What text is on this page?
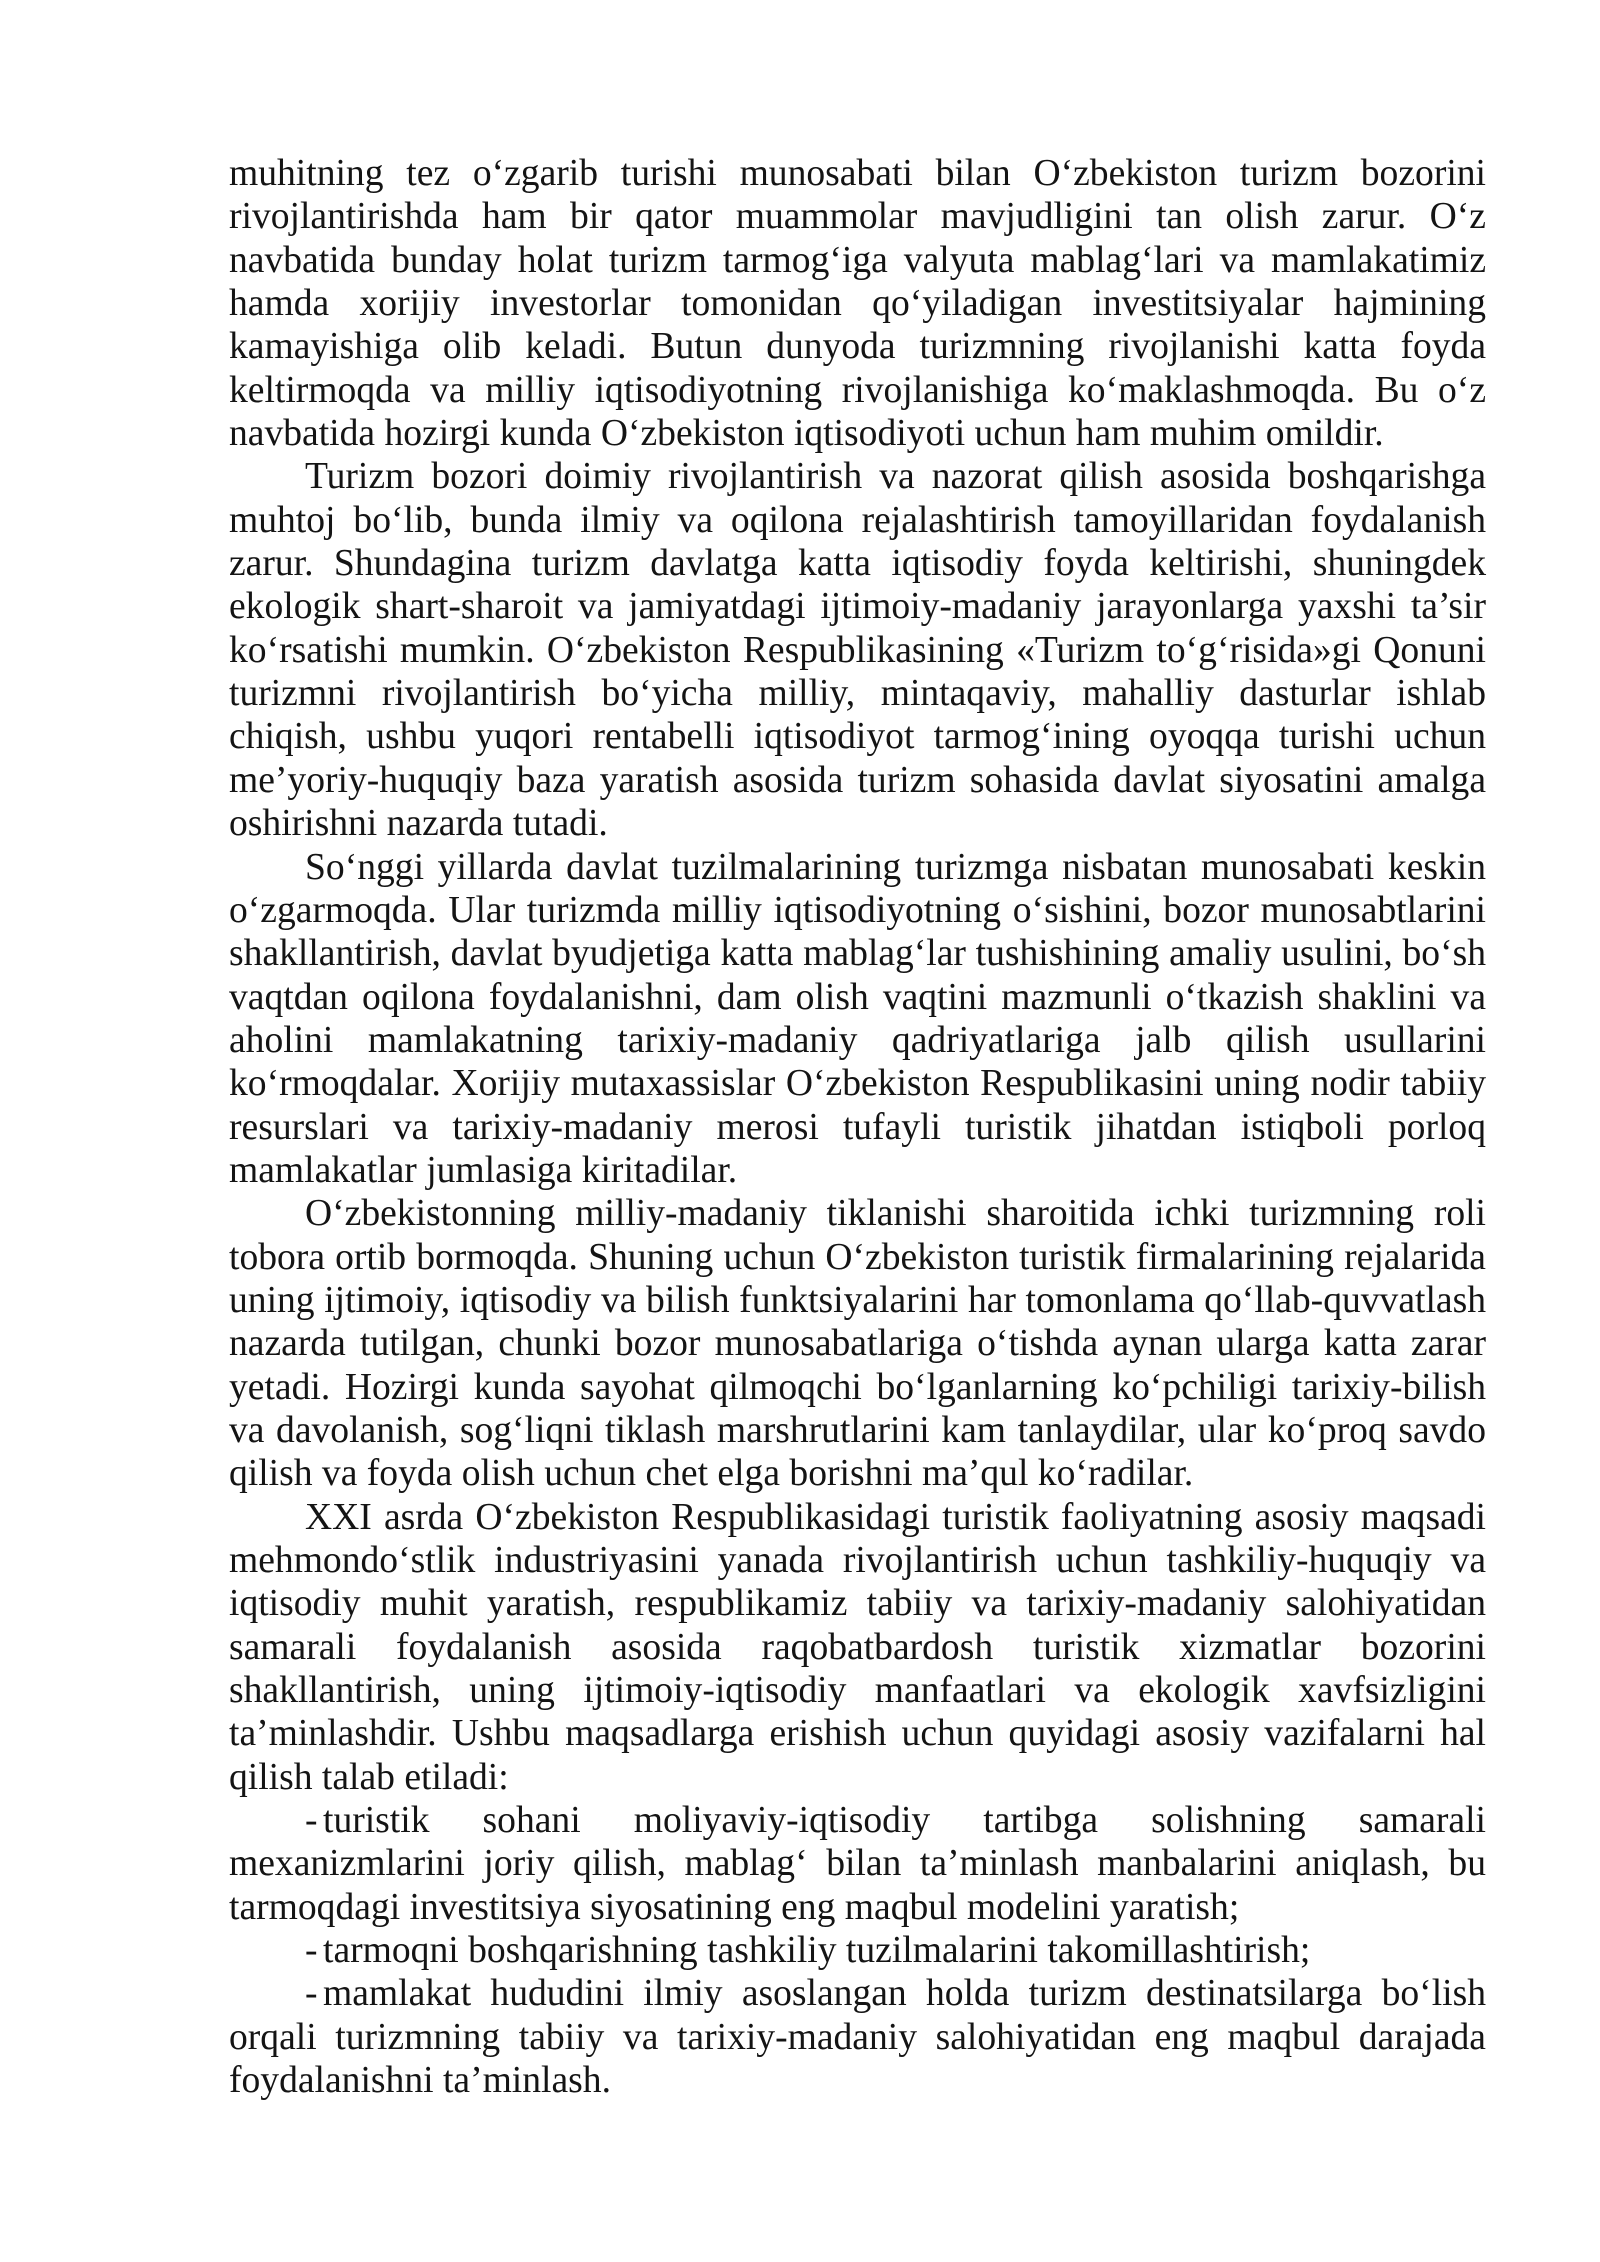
muhitning tez o‘zgarib turishi munosabati bilan O‘zbekiston turizm bozorini rivojlantirishda ham bir qator muammolar mavjudligini tan olish zarur. O‘z navbatida bunday holat turizm tarmog‘iga valyuta mablag‘lari va mamlakatimiz hamda xorijiy investorlar tomonidan qo‘yiladigan investitsiyalar hajmining kamayishiga olib keladi. Butun dunyoda turizmning rivojlanishi katta foyda keltirmoqda va milliy iqtisodiyotning rivojlanishiga ko‘maklashmoqda. Bu o‘z navbatida hozirgi kunda O‘zbekiston iqtisodiyoti uchun ham muhim omildir.

Turizm bozori doimiy rivojlantirish va nazorat qilish asosida boshqarishga muhtoj bo‘lib, bunda ilmiy va oqilona rejalashtirish tamoyillaridan foydalanish zarur. Shundagina turizm davlatga katta iqtisodiy foyda keltirishi, shuningdek ekologik shart-sharoit va jamiyatdagi ijtimoiy-madaniy jarayonlarga yaxshi ta’sir ko‘rsatishi mumkin. O‘zbekiston Respublikasining «Turizm to‘g‘risida»gi Qonuni turizmni rivojlantirish bo‘yicha milliy, mintaqaviy, mahalliy dasturlar ishlab chiqish, ushbu yuqori rentabelli iqtisodiyot tarmog‘ining oyoqqa turishi uchun me’yoriy-huquqiy baza yaratish asosida turizm sohasida davlat siyosatini amalga oshirishni nazarda tutadi.

So‘nggi yillarda davlat tuzilmalarining turizmga nisbatan munosabati keskin o‘zgarmoqda. Ular turizmda milliy iqtisodiyotning o‘sishini, bozor munosabtlarini shakllantirish, davlat byudjetiga katta mablag‘lar tushishining amaliy usulini, bo‘sh vaqtdan oqilona foydalanishni, dam olish vaqtini mazmunli o‘tkazish shaklini va aholini mamlakatning tarixiy-madaniy qadriyatlariga jalb qilish usullarini ko‘rmoqdalar. Xorijiy mutaxassislar O‘zbekiston Respublikasini uning nodir tabiiy resurslari va tarixiy-madaniy merosi tufayli turistik jihatdan istiqboli porloq mamlakatlar jumlasiga kiritadilar.

O‘zbekistonning milliy-madaniy tiklanishi sharoitida ichki turizmning roli tobora ortib bormoqda. Shuning uchun O‘zbekiston turistik firmalarining rejalarida uning ijtimoiy, iqtisodiy va bilish funktsiyalarini har tomonlama qo‘llab-quvvatlash nazarda tutilgan, chunki bozor munosabatlariga o‘tishda aynan ularga katta zarar yetadi. Hozirgi kunda sayohat qilmoqchi bo‘lganlarning ko‘pchiligi tarixiy-bilish va davolanish, sog‘liqni tiklash marshrutlarini kam tanlaydilar, ular ko‘proq savdo qilish va foyda olish uchun chet elga borishni ma’qul ko‘radilar.

XXI asrda O‘zbekiston Respublikasidagi turistik faoliyatning asosiy maqsadi mehmondo‘stlik industriyasini yanada rivojlantirish uchun tashkiliy-huquqiy va iqtisodiy muhit yaratish, respublikamiz tabiiy va tarixiy-madaniy salohiyatidan samarali foydalanish asosida raqobatbardosh turistik xizmatlar bozorini shakllantirish, uning ijtimoiy-iqtisodiy manfaatlari va ekologik xavfsizligini ta’minlashdir. Ushbu maqsadlarga erishish uchun quyidagi asosiy vazifalarni hal qilish talab etiladi:

- turistik sohani moliyaviy-iqtisodiy tartibga solishning samarali mexanizmlarini joriy qilish, mablag‘ bilan ta’minlash manbalarini aniqlash, bu tarmoqdagi investitsiya siyosatining eng maqbul modelini yaratish;

- tarmoqni boshqarishning tashkiliy tuzilmalarini takomillashtirish;

- mamlakat hududini ilmiy asoslangan holda turizm destinatsilarga bo‘lish orqali turizmning tabiiy va tarixiy-madaniy salohiyatidan eng maqbul darajada foydalanishni ta’minlash.
